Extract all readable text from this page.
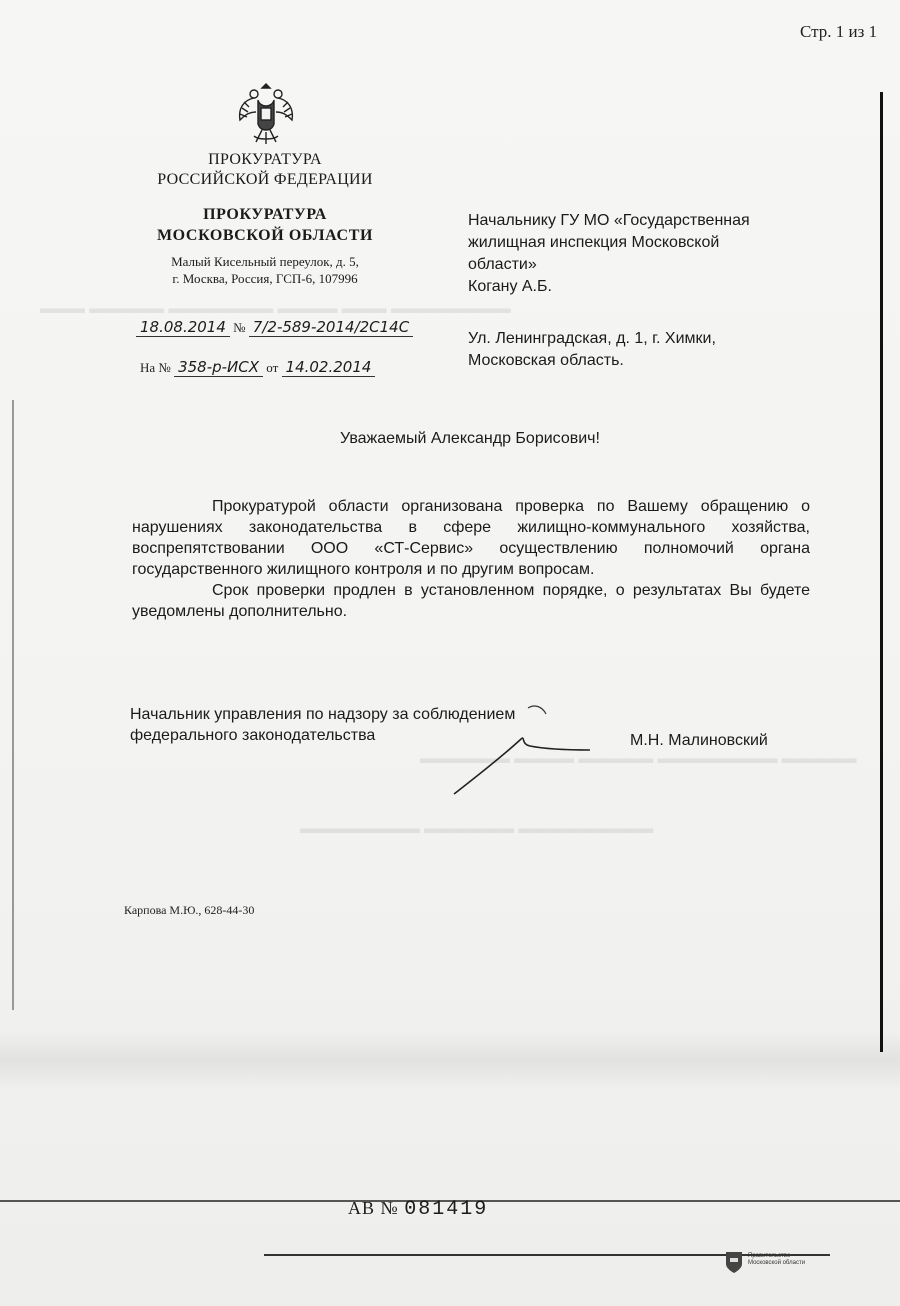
Стр. 1 из 1
ПРОКУРАТУРА
РОССИЙСКОЙ ФЕДЕРАЦИИ
ПРОКУРАТУРА
МОСКОВСКОЙ ОБЛАСТИ
Малый Кисельный переулок, д. 5,
г. Москва, Россия, ГСП-6, 107996
18.08.2014 № 7/2-589-2014/2С14С
На № 358-р-ИСХ от 14.02.2014
Начальнику ГУ МО «Государственная
жилищная инспекция Московской
области»
Когану А.Б.
Ул. Ленинградская, д. 1, г. Химки,
Московская область.
Уважаемый Александр Борисович!

Прокуратурой области организована проверка по Вашему обращению о нарушениях законодательства в сфере жилищно-коммунального хозяйства, воспрепятствовании ООО «СТ-Сервис» осуществлению полномочий органа государственного жилищного контроля и по другим вопросам.

Срок проверки продлен в установленном порядке, о результатах Вы будете уведомлены дополнительно.

Начальник управления по надзору за соблюдением
федерального законодательства	М.Н. Малиновский
Карпова М.Ю., 628-44-30
▬▬▬ ▬▬▬▬▬ ▬▬▬▬▬▬▬ ▬▬▬▬ ▬▬▬ ▬▬▬▬▬▬▬▬
▬▬▬▬▬▬ ▬▬▬▬ ▬▬▬▬▬ ▬▬▬▬▬▬▬▬ ▬▬▬▬▬
▬▬▬▬▬▬▬▬ ▬▬▬▬▬▬ ▬▬▬▬▬▬▬▬▬
АВ № 081419
Правительство
Московской области
